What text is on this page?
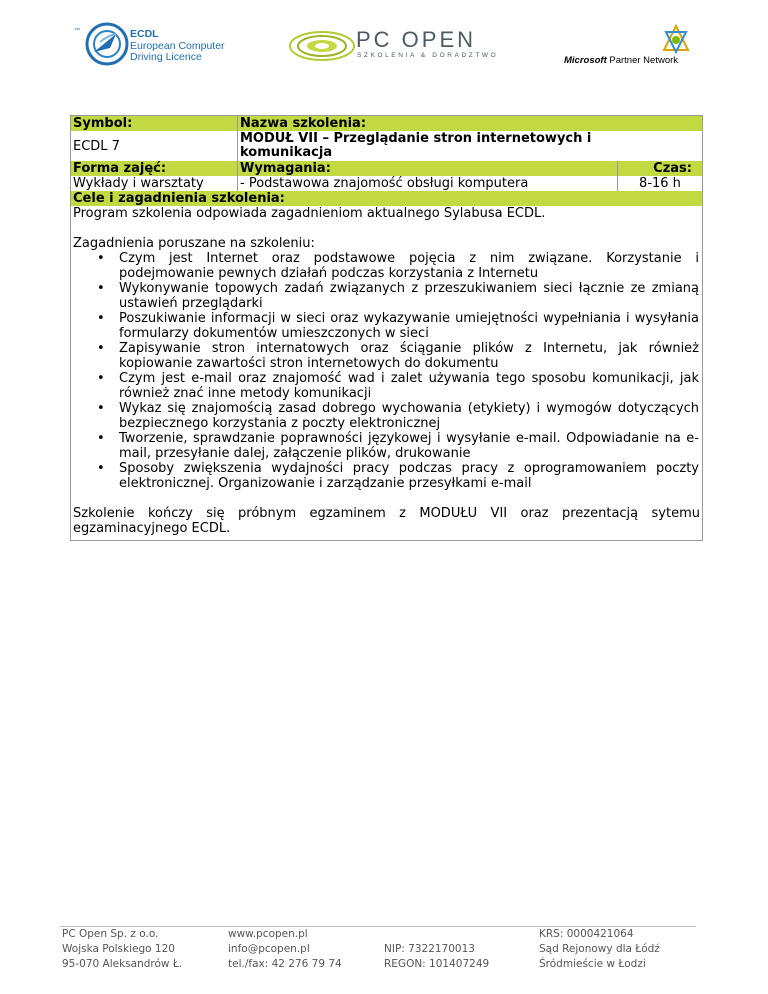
™	ECDL
European Computer
Driving Licence
PC OPEN
SZKOLENIA & DORADZTWO	Microsoft Partner Network
Symbol:	Nazwa szkolenia:
ECDL 7	MODUŁ VII – Przeglądanie stron internetowych i komunikacja
Forma zajęć:	Wymagania:	Czas:
Wykłady i warsztaty	- Podstawowa znajomość obsługi komputera	8-16 h
Cele i zagadnienia szkolenia:

Program szkolenia odpowiada zagadnieniom aktualnego Sylabusa ECDL.

Zagadnienia poruszane na szkoleniu:

• Czym jest Internet oraz podstawowe pojęcia z nim związane. Korzystanie i podejmowanie pewnych działań podczas korzystania z Internetu
• Wykonywanie topowych zadań związanych z przeszukiwaniem sieci łącznie ze zmianą ustawień przeglądarki
• Poszukiwanie informacji w sieci oraz wykazywanie umiejętności wypełniania i wysyłania formularzy dokumentów umieszczonych w sieci
• Zapisywanie stron internatowych oraz ściąganie plików z Internetu, jak również kopiowanie zawartości stron internetowych do dokumentu
• Czym jest e-mail oraz znajomość wad i zalet używania tego sposobu komunikacji, jak również znać inne metody komunikacji
• Wykaz się znajomością zasad dobrego wychowania (etykiety) i wymogów dotyczących bezpiecznego korzystania z poczty elektronicznej
• Tworzenie, sprawdzanie poprawności językowej i wysyłanie e-mail. Odpowiadanie na e-mail, przesyłanie dalej, załączenie plików, drukowanie
• Sposoby zwiększenia wydajności pracy podczas pracy z oprogramowaniem poczty elektronicznej. Organizowanie i zarządzanie przesyłkami e-mail

Szkolenie kończy się próbnym egzaminem z MODUŁU VII oraz prezentacją sytemu egzaminacyjnego ECDL.

PC Open Sp. z o.o.
Wojska Polskiego 120
95-070 Aleksandrów Ł.
www.pcopen.pl
info@pcopen.pl
tel./fax: 42 276 79 74
NIP: 7322170013
REGON: 101407249
KRS: 0000421064
Sąd Rejonowy dla Łódź
Śródmieście w Łodzi
